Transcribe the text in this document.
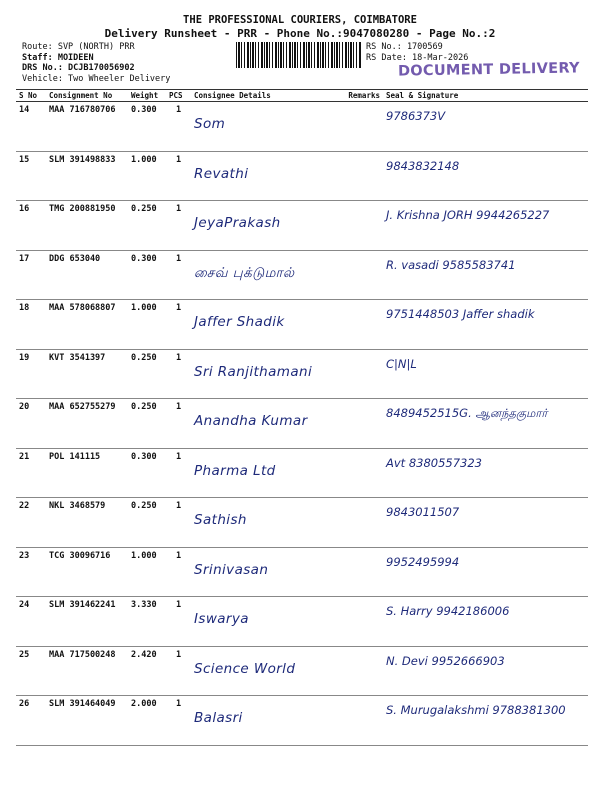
THE PROFESSIONAL COURIERS, COIMBATORE
Delivery Runsheet - PRR - Phone No.:9047080280 - Page No.:2
Route: SVP (NORTH) PRR
Staff: MOIDEEN
DRS No.: DCJB170056902
Vehicle: Two Wheeler Delivery
RS No.: 1700569
RS Date: 18-Mar-2026
DOCUMENT DELIVERY
S No	Consignment No	Weight	PCS	Consignee Details	Remarks	Seal & Signature
14	MAA 716780706	0.300	1	Som		9786373V

15	SLM 391498833	1.000	1	Revathi		9843832148

16	TMG 200881950	0.250	1	JeyaPrakash		J. Krishna JORH 9944265227

17	DDG 653040	0.300	1	சைவ் புக்டுமால்		R. vasadi 9585583741

18	MAA 578068807	1.000	1	Jaffer Shadik		9751448503 Jaffer shadik

19	KVT 3541397	0.250	1	Sri Ranjithamani		C|N|L

20	MAA 652755279	0.250	1	Anandha Kumar		8489452515G. ஆனந்தகுமார்

21	POL 141115	0.300	1	Pharma Ltd		Avt 8380557323

22	NKL 3468579	0.250	1	Sathish		9843011507

23	TCG 30096716	1.000	1	Srinivasan		9952495994

24	SLM 391462241	3.330	1	Iswarya		S. Harry 9942186006

25	MAA 717500248	2.420	1	Science World		N. Devi 9952666903

26	SLM 391464049	2.000	1	Balasri		S. Murugalakshmi 9788381300
